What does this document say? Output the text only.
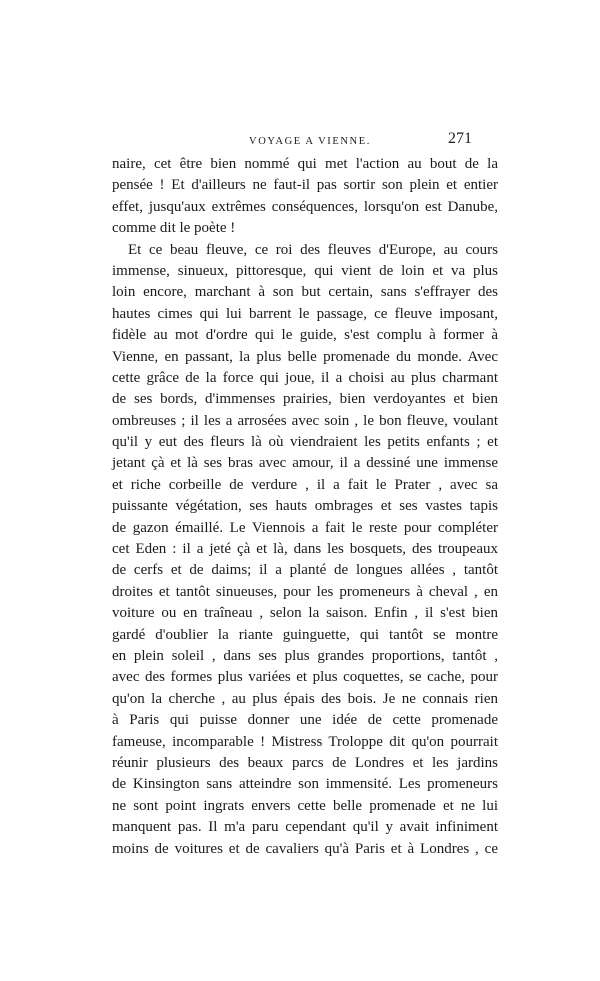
VOYAGE A VIENNE.	271
naire, cet être bien nommé qui met l'action au bout de la
pensée ! Et d'ailleurs ne faut-il pas sortir son plein et entier
effet, jusqu'aux extrêmes conséquences, lorsqu'on est Danube,
comme dit le poète !
Et ce beau fleuve, ce roi des fleuves d'Europe, au cours
immense, sinueux, pittoresque, qui vient de loin et va plus
loin encore, marchant à son but certain, sans s'effrayer des
hautes cimes qui lui barrent le passage, ce fleuve imposant,
fidèle au mot d'ordre qui le guide, s'est complu à former à
Vienne, en passant, la plus belle promenade du monde. Avec
cette grâce de la force qui joue, il a choisi au plus charmant
de ses bords, d'immenses prairies, bien verdoyantes et bien
ombreuses ; il les a arrosées avec soin , le bon fleuve, voulant
qu'il y eut des fleurs là où viendraient les petits enfants ; et
jetant çà et là ses bras avec amour, il a dessiné une immense
et riche corbeille de verdure , il a fait le Prater , avec sa
puissante végétation, ses hauts ombrages et ses vastes tapis
de gazon émaillé. Le Viennois a fait le reste pour compléter
cet Eden : il a jeté çà et là, dans les bosquets, des troupeaux
de cerfs et de daims; il a planté de longues allées , tantôt
droites et tantôt sinueuses, pour les promeneurs à cheval , en
voiture ou en traîneau , selon la saison. Enfin , il s'est bien
gardé d'oublier la riante guinguette, qui tantôt se montre
en plein soleil , dans ses plus grandes proportions, tantôt ,
avec des formes plus variées et plus coquettes, se cache, pour
qu'on la cherche , au plus épais des bois. Je ne connais rien
à Paris qui puisse donner une idée de cette promenade
fameuse, incomparable ! Mistress Troloppe dit qu'on pourrait
réunir plusieurs des beaux parcs de Londres et les jardins
de Kinsington sans atteindre son immensité. Les promeneurs
ne sont point ingrats envers cette belle promenade et ne lui
manquent pas. Il m'a paru cependant qu'il y avait infiniment
moins de voitures et de cavaliers qu'à Paris et à Londres , ce
